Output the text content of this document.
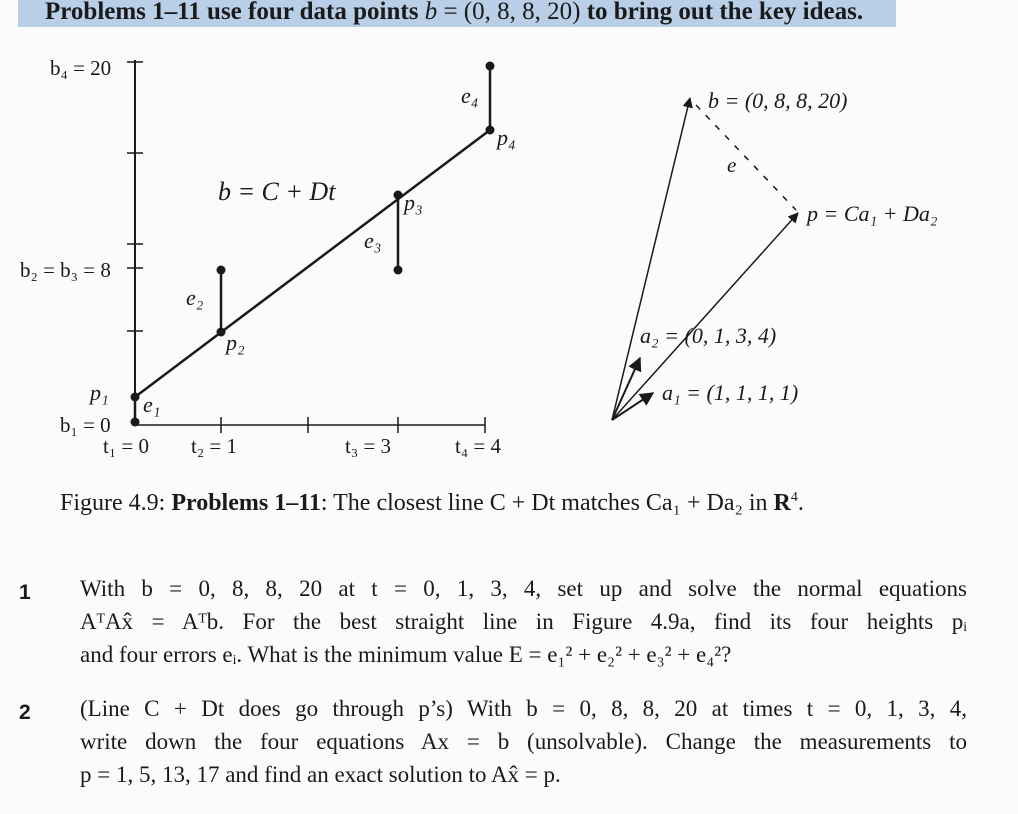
Problems 1–11 use four data points b = (0, 8, 8, 20) to bring out the key ideas.
b₄ = 20
b₂ = b₃ = 8
b₁ = 0
t₁ = 0 t₂ = 1	t₃ = 3	t₄ = 4
b = C + Dt
p₁
p₂
p₃
p₄
e₁
e₂
e₃
e₄	b = (0, 8, 8, 20)
e
p = Ca₁ + Da₂
a₂ = (0, 1, 3, 4)
a₁ = (1, 1, 1, 1)
Figure 4.9: Problems 1–11: The closest line C + Dt matches Ca₁ + Da₂ in $R^4$.
1 With b = 0, 8, 8, 20 at t = 0, 1, 3, 4, set up and solve the normal equations
AᵀAx̂ = Aᵀb. For the best straight line in Figure 4.9a, find its four heights pᵢ
and four errors eᵢ. What is the minimum value E = e₁² + e₂² + e₃² + e₄²?
2 (Line C + Dt does go through p’s) With b = 0, 8, 8, 20 at times t = 0, 1, 3, 4,
write down the four equations Ax = b (unsolvable). Change the measurements to
p = 1, 5, 13, 17 and find an exact solution to Ax̂ = p.
